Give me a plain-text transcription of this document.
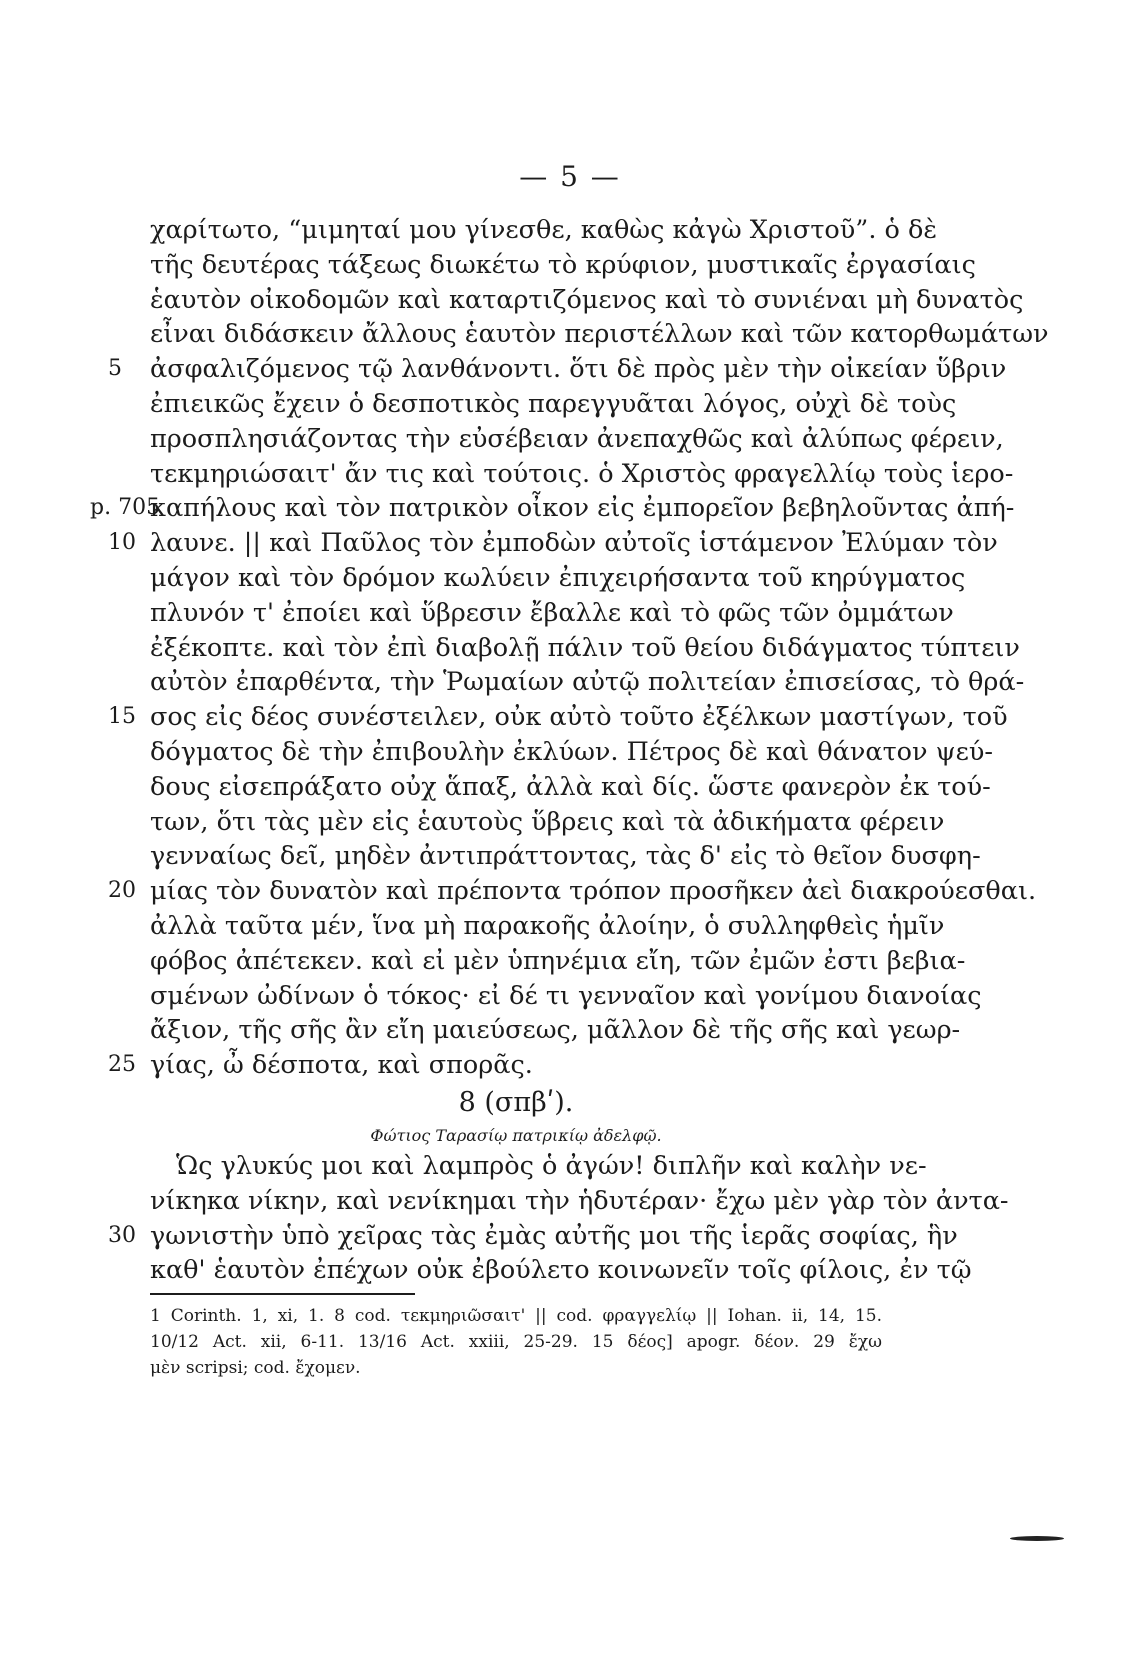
— 5 —
χαρίτωτο, “μιμηταί μου γίνεσθε, καθὼς κἀγὼ Χριστοῦ”. ὁ δὲ
τῆς δευτέρας τάξεως διωκέτω τὸ κρύφιον, μυστικαῖς ἐργασίαις
ἑαυτὸν οἰκοδομῶν καὶ καταρτιζόμενος καὶ τὸ συνιέναι μὴ δυνατὸς
εἶναι διδάσκειν ἄλλους ἑαυτὸν περιστέλλων καὶ τῶν κατορθωμάτων
5	ἀσφαλιζόμενος τῷ λανθάνοντι. ὅτι δὲ πρὸς μὲν τὴν οἰκείαν ὕβριν
ἐπιεικῶς ἔχειν ὁ δεσποτικὸς παρεγγυᾶται λόγος, οὐχὶ δὲ τοὺς
προσπλησιάζοντας τὴν εὐσέβειαν ἀνεπαχθῶς καὶ ἀλύπως φέρειν,
τεκμηριώσαιτ' ἄν τις καὶ τούτοις. ὁ Χριστὸς φραγελλίῳ τοὺς ἱερο-
p. 705
καπήλους καὶ τὸν πατρικὸν οἶκον εἰς ἐμπορεῖον βεβηλοῦντας ἀπή-
10 λαυνε. || καὶ Παῦλος τὸν ἐμποδὼν αὐτοῖς ἱστάμενον Ἐλύμαν τὸν
μάγον καὶ τὸν δρόμον κωλύειν ἐπιχειρήσαντα τοῦ κηρύγματος
πλυνόν τ' ἐποίει καὶ ὕβρεσιν ἔβαλλε καὶ τὸ φῶς τῶν ὀμμάτων
ἐξέκοπτε. καὶ τὸν ἐπὶ διαβολῇ πάλιν τοῦ θείου διδάγματος τύπτειν
αὐτὸν ἐπαρθέντα, τὴν Ῥωμαίων αὐτῷ πολιτείαν ἐπισείσας, τὸ θρά-
15 σος εἰς δέος συνέστειλεν, οὐκ αὐτὸ τοῦτο ἐξέλκων μαστίγων, τοῦ
δόγματος δὲ τὴν ἐπιβουλὴν ἐκλύων. Πέτρος δὲ καὶ θάνατον ψεύ-
δους εἰσεπράξατο οὐχ ἅπαξ, ἀλλὰ καὶ δίς. ὥστε φανερὸν ἐκ τού-
των, ὅτι τὰς μὲν εἰς ἑαυτοὺς ὕβρεις καὶ τὰ ἀδικήματα φέρειν
γενναίως δεῖ, μηδὲν ἀντιπράττοντας, τὰς δ' εἰς τὸ θεῖον δυσφη-
20 μίας τὸν δυνατὸν καὶ πρέποντα τρόπον προσῆκεν ἀεὶ διακρούεσθαι.
ἀλλὰ ταῦτα μέν, ἵνα μὴ παρακοῆς ἀλοίην, ὁ συλληφθεὶς ἡμῖν
φόβος ἀπέτεκεν. καὶ εἰ μὲν ὑπηνέμια εἴη, τῶν ἐμῶν ἐστι βεβια-
σμένων ὠδίνων ὁ τόκος· εἰ δέ τι γενναῖον καὶ γονίμου διανοίας
ἄξιον, τῆς σῆς ἂν εἴη μαιεύσεως, μᾶλλον δὲ τῆς σῆς καὶ γεωρ-
25 γίας, ὦ δέσποτα, καὶ σπορᾶς.
8 (σπβʹ).
Φώτιος Ταρασίῳ πατρικίῳ ἀδελφῷ.
Ὡς γλυκύς μοι καὶ λαμπρὸς ὁ ἀγών! διπλῆν καὶ καλὴν νε-
νίκηκα νίκην, καὶ νενίκημαι τὴν ἡδυτέραν· ἔχω μὲν γὰρ τὸν ἀντα-
30 γωνιστὴν ὑπὸ χεῖρας τὰς ἐμὰς αὐτῆς μοι τῆς ἱερᾶς σοφίας, ἣν
καθ' ἑαυτὸν ἐπέχων οὐκ ἐβούλετο κοινωνεῖν τοῖς φίλοις, ἐν τῷ
1 Corinth. 1, xi, 1. 8 cod. τεκμηριῶσαιτ' || cod. φραγγελίῳ || Iohan. ii, 14, 15.
10/12 Act. xii, 6-11. 13/16 Act. xxiii, 25-29. 15 δέος] apogr. δέον. 29 ἔχω
μὲν scripsi; cod. ἔχομεν.
